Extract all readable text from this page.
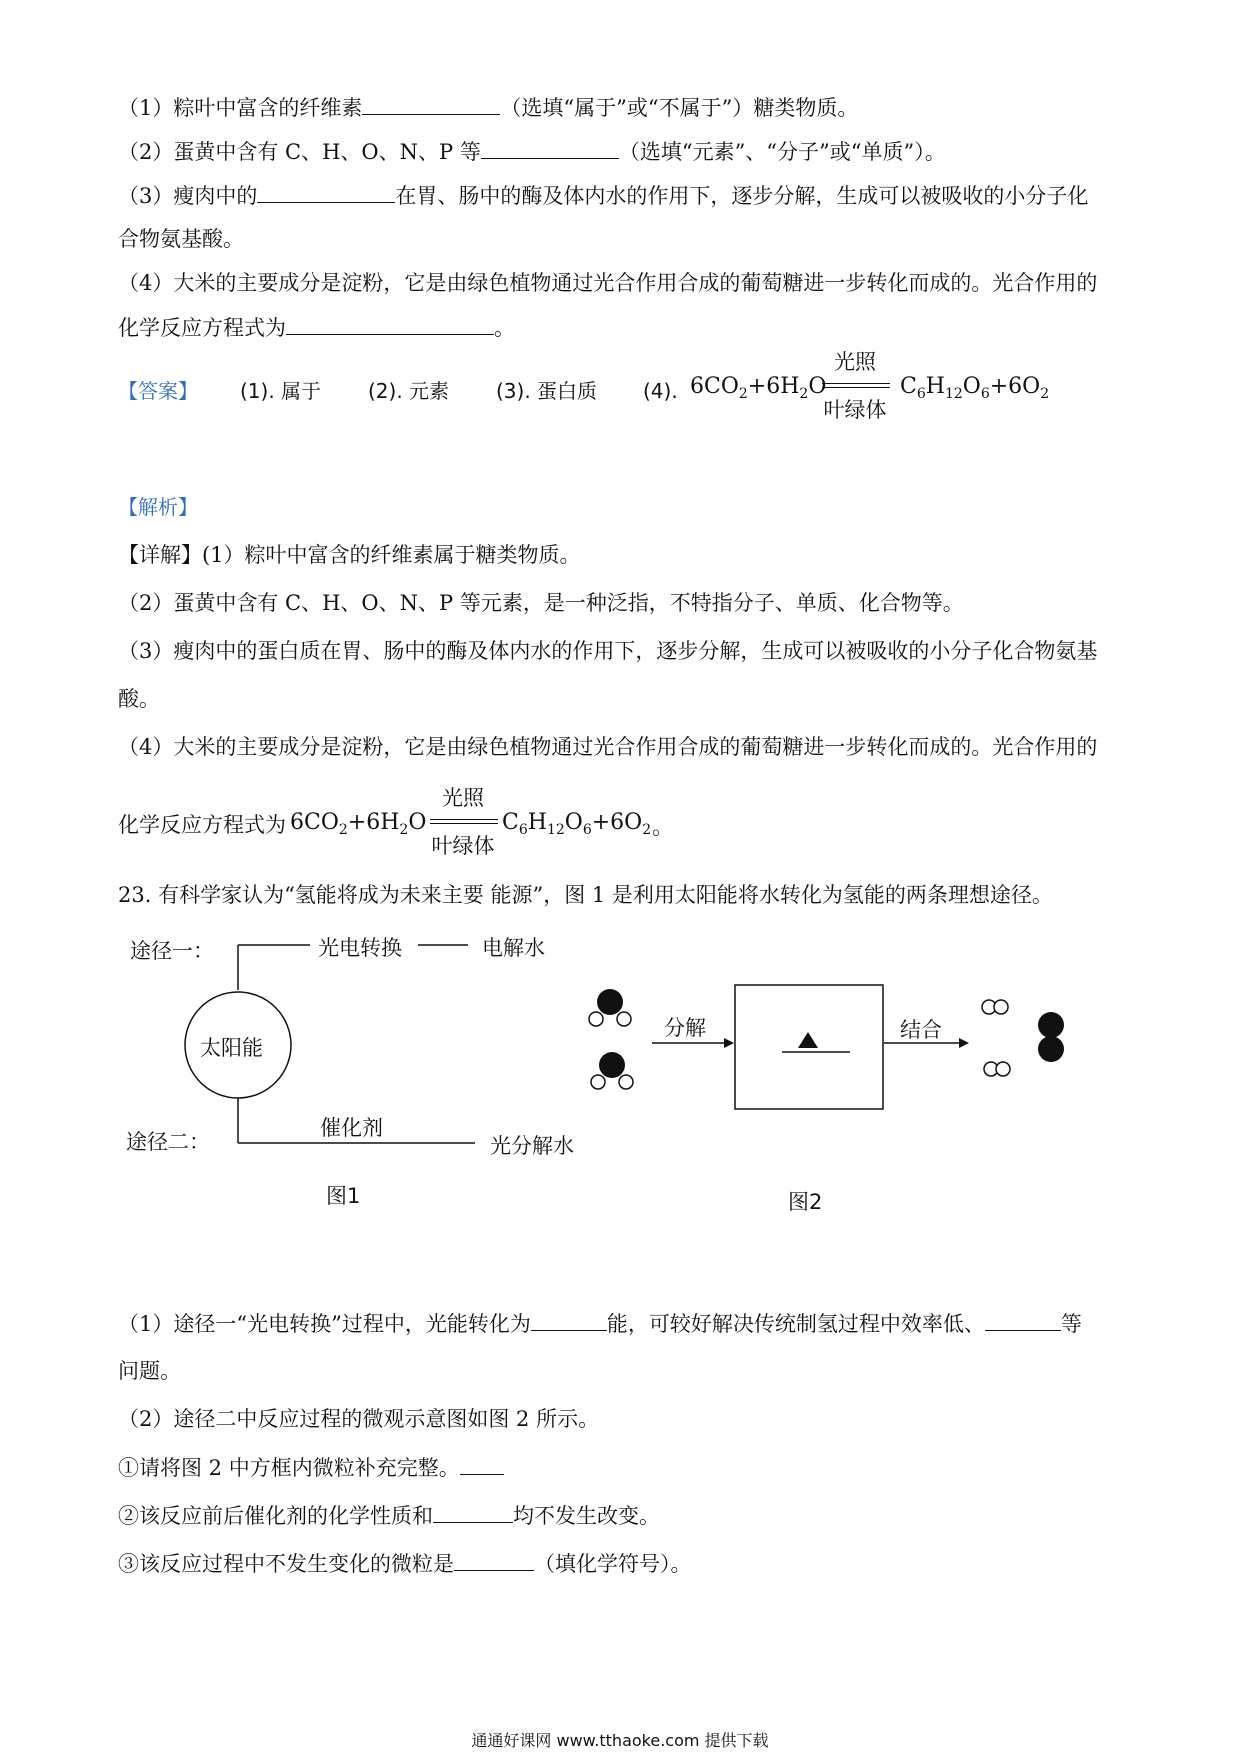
（1）粽叶中富含的纤维素	（选填“属于”或“不属于”）糖类物质。
（2）蛋黄中含有 C、H、O、N、P 等	（选填“元素”、“分子”或“单质”）。
（3）瘦肉中的	在胃、肠中的酶及体内水的作用下，逐步分解，生成可以被吸收的小分子化
合物氨基酸。
（4）大米的主要成分是淀粉，它是由绿色植物通过光合作用合成的葡萄糖进一步转化而成的。光合作用的
化学反应方程式为	。
【答案】 (1). 属于 (2). 元素 (3). 蛋白质 (4). $6CO_2+6H_2O$
光照
叶绿体
$C_6H_{12}O_6+6O_2$
【解析】
【详解】(1）粽叶中富含的纤维素属于糖类物质。
（2）蛋黄中含有 C、H、O、N、P 等元素，是一种泛指，不特指分子、单质、化合物等。
（3）瘦肉中的蛋白质在胃、肠中的酶及体内水的作用下，逐步分解，生成可以被吸收的小分子化合物氨基
酸。
（4）大米的主要成分是淀粉，它是由绿色植物通过光合作用合成的葡萄糖进一步转化而成的。光合作用的
化学反应方程式为 $6CO_2+6H_2O$
光照
叶绿体
$C_6H_{12}O_6+6O_2$ 。
23. 有科学家认为“氢能将成为未来主要 能源”，图 1 是利用太阳能将水转化为氢能的两条理想途径。
途径一：	光电转换	电解水
太阳能
途径二：
催化剂
光分解水
图1
分解	结合
图2
（1）途径一“光电转换”过程中，光能转化为	能，可较好解决传统制氢过程中效率低、	等
问题。
（2）途径二中反应过程的微观示意图如图 2 所示。
①请将图 2 中方框内微粒补充完整。
②该反应前后催化剂的化学性质和	均不发生改变。
③该反应过程中不发生变化的微粒是	（填化学符号）。
通通好课网 www.tthaoke.com 提供下载
